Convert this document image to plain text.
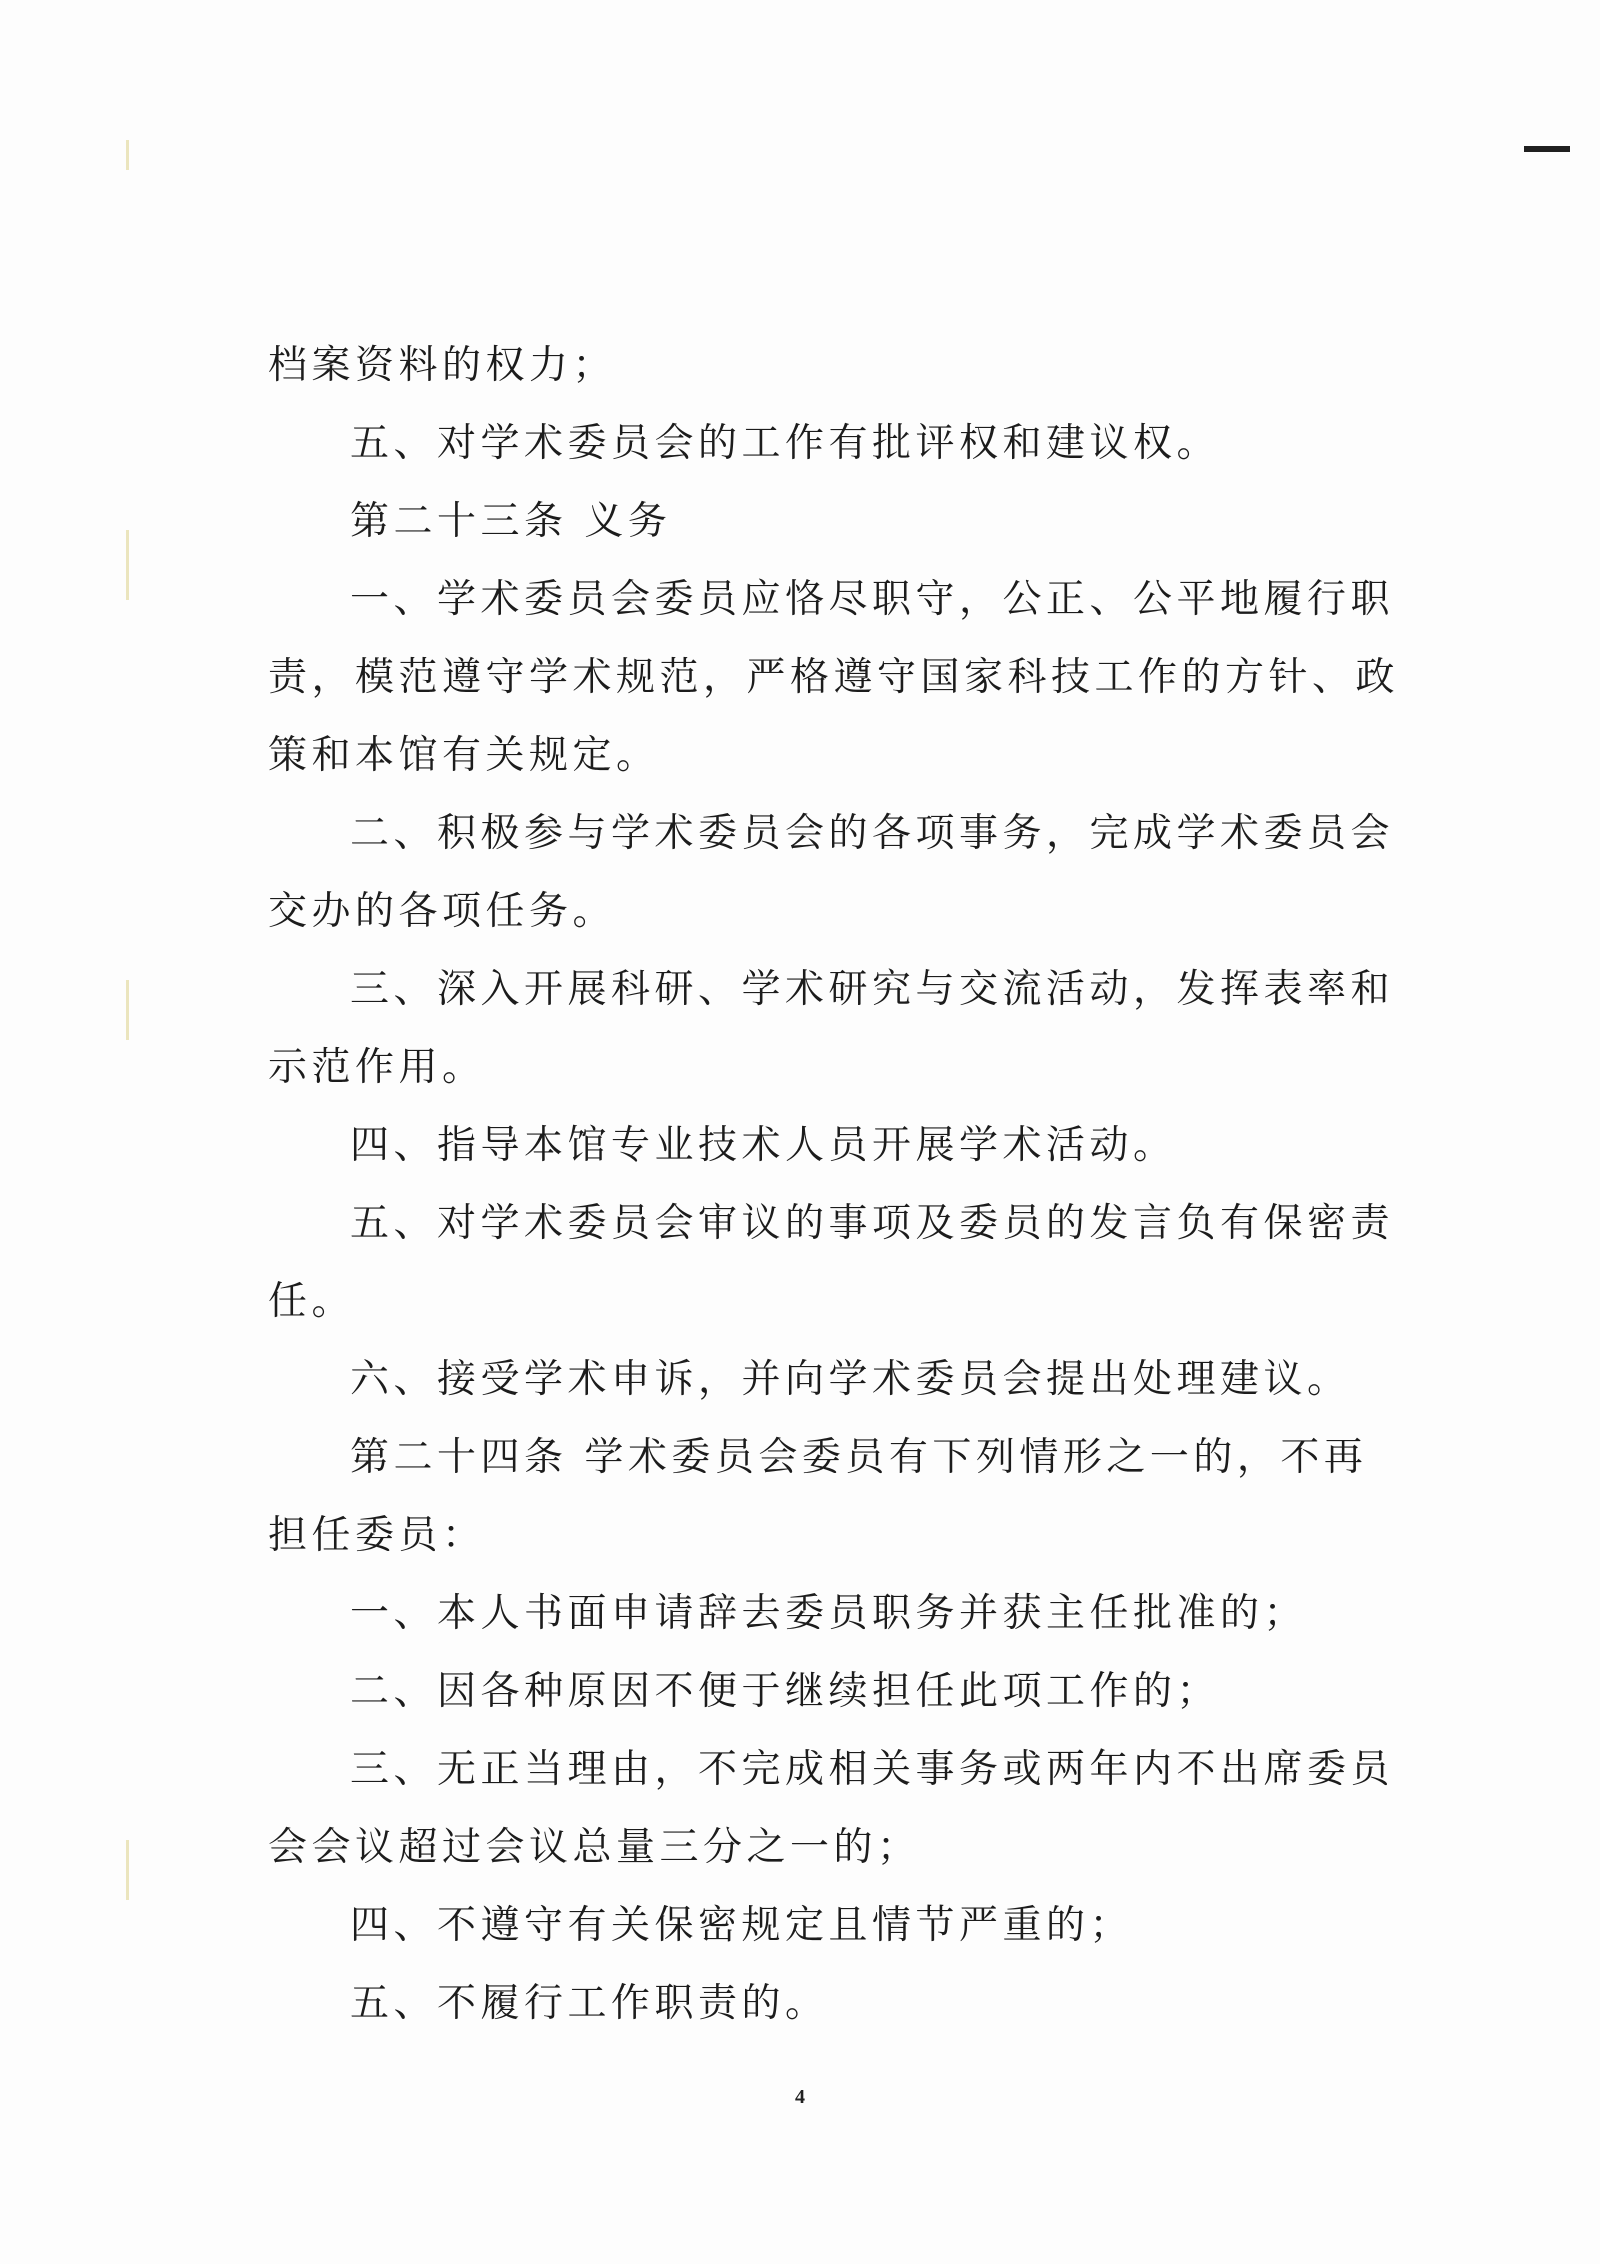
档案资料的权力；
五、对学术委员会的工作有批评权和建议权。
第二十三条 义务
一、学术委员会委员应恪尽职守，公正、公平地履行职
责，模范遵守学术规范，严格遵守国家科技工作的方针、政
策和本馆有关规定。
二、积极参与学术委员会的各项事务，完成学术委员会
交办的各项任务。
三、深入开展科研、学术研究与交流活动，发挥表率和
示范作用。
四、指导本馆专业技术人员开展学术活动。
五、对学术委员会审议的事项及委员的发言负有保密责
任。
六、接受学术申诉，并向学术委员会提出处理建议。
第二十四条 学术委员会委员有下列情形之一的，不再
担任委员：
一、本人书面申请辞去委员职务并获主任批准的；
二、因各种原因不便于继续担任此项工作的；
三、无正当理由，不完成相关事务或两年内不出席委员
会会议超过会议总量三分之一的；
四、不遵守有关保密规定且情节严重的；
五、不履行工作职责的。
4
